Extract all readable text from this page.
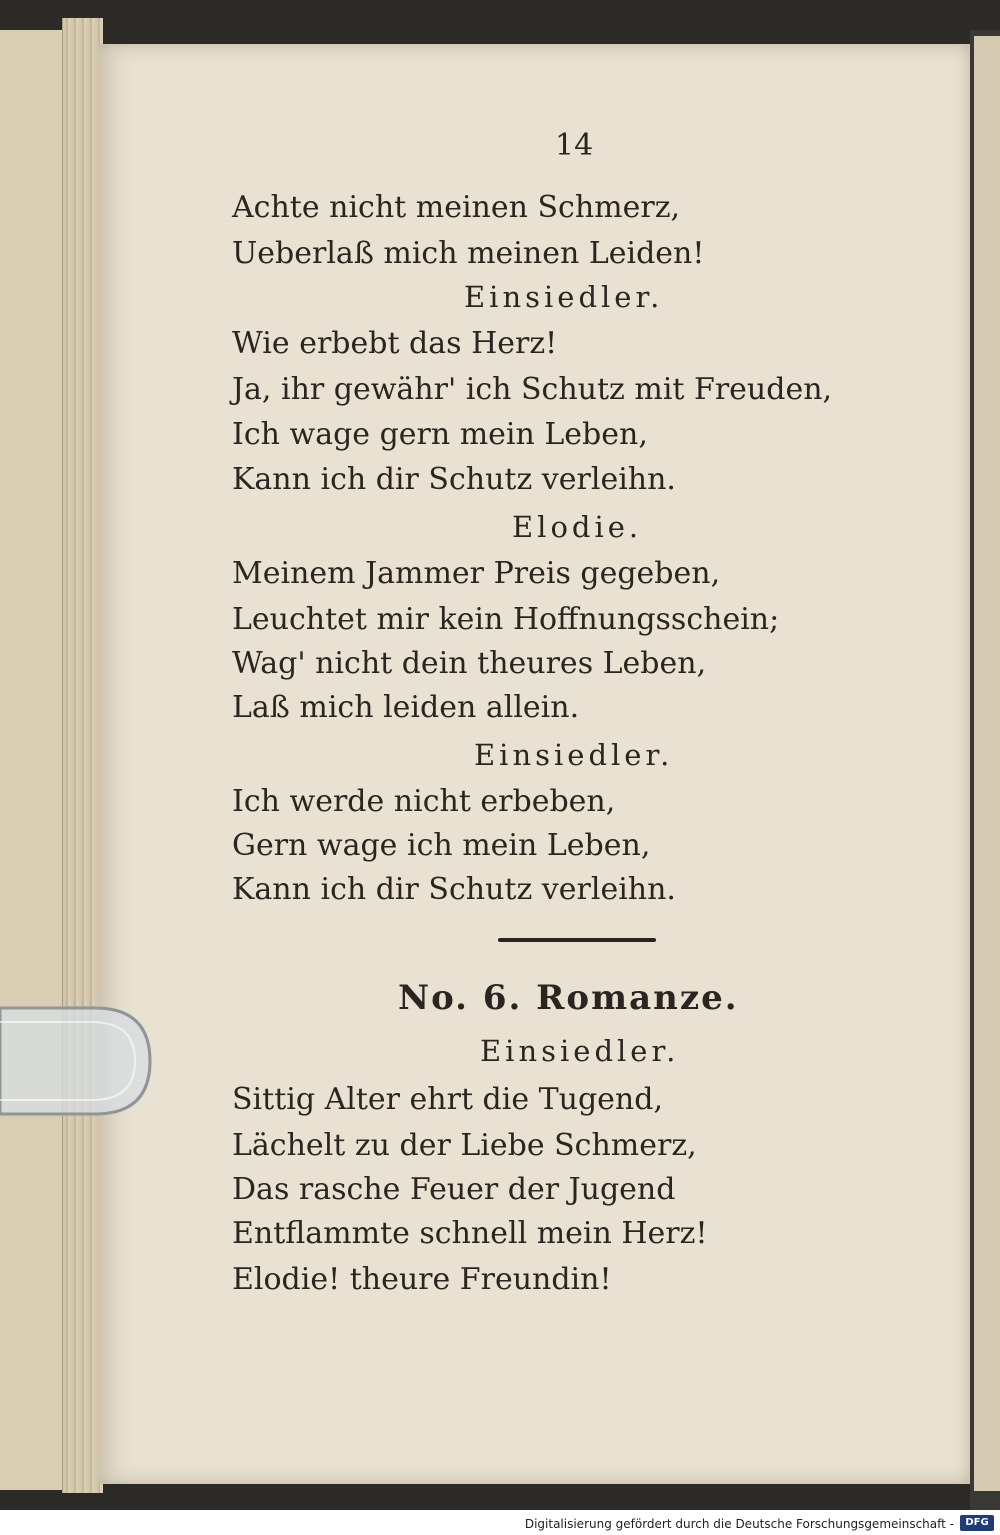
14
Achte nicht meinen Schmerz,
Ueberlaß mich meinen Leiden!
Einsiedler.
Wie erbebt das Herz!
Ja, ihr gewähr' ich Schutz mit Freuden,
Ich wage gern mein Leben,
Kann ich dir Schutz verleihn.
Elodie.
Meinem Jammer Preis gegeben,
Leuchtet mir kein Hoffnungsschein;
Wag' nicht dein theures Leben,
Laß mich leiden allein.
Einsiedler.
Ich werde nicht erbeben,
Gern wage ich mein Leben,
Kann ich dir Schutz verleihn.
No. 6. Romanze.
Einsiedler.
Sittig Alter ehrt die Tugend,
Lächelt zu der Liebe Schmerz,
Das rasche Feuer der Jugend
Entflammte schnell mein Herz!
Elodie! theure Freundin!
Digitalisierung gefördert durch die Deutsche Forschungsgemeinschaft -	DFG
